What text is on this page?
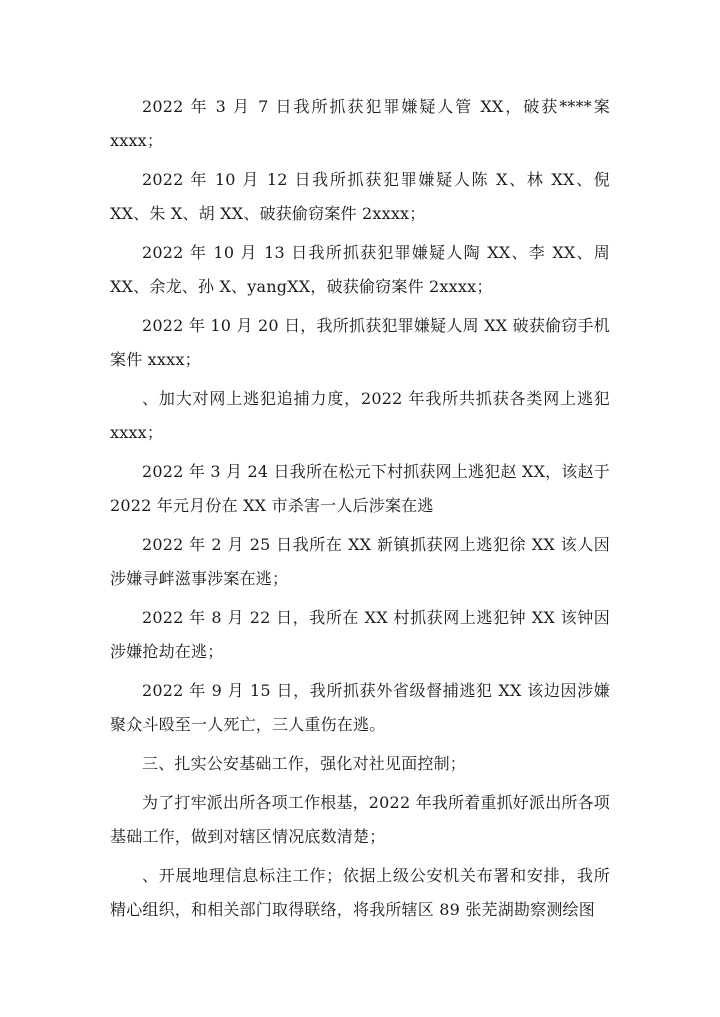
2022 年 3 月 7 日我所抓获犯罪嫌疑人管 XX，破获****案 xxxx；

2022 年 10 月 12 日我所抓获犯罪嫌疑人陈 X、林 XX、倪 XX、朱 X、胡 XX、破获偷窃案件 2xxxx；

2022 年 10 月 13 日我所抓获犯罪嫌疑人陶 XX、李 XX、周 XX、余龙、孙 X、yangXX，破获偷窃案件 2xxxx；

2022 年 10 月 20 日，我所抓获犯罪嫌疑人周 XX 破获偷窃手机案件 xxxx；

、加大对网上逃犯追捕力度，2022 年我所共抓获各类网上逃犯 xxxx；

2022 年 3 月 24 日我所在松元下村抓获网上逃犯赵 XX，该赵于 2022 年元月份在 XX 市杀害一人后涉案在逃

2022 年 2 月 25 日我所在 XX 新镇抓获网上逃犯徐 XX 该人因涉嫌寻衅滋事涉案在逃；

2022 年 8 月 22 日，我所在 XX 村抓获网上逃犯钟 XX 该钟因涉嫌抢劫在逃；

2022 年 9 月 15 日，我所抓获外省级督捕逃犯 XX 该边因涉嫌聚众斗殴至一人死亡，三人重伤在逃。

三、扎实公安基础工作，强化对社见面控制；

为了打牢派出所各项工作根基，2022 年我所着重抓好派出所各项基础工作，做到对辖区情况底数清楚；

、开展地理信息标注工作；依据上级公安机关布署和安排，我所精心组织，和相关部门取得联络，将我所辖区 89 张芜湖勘察测绘图
